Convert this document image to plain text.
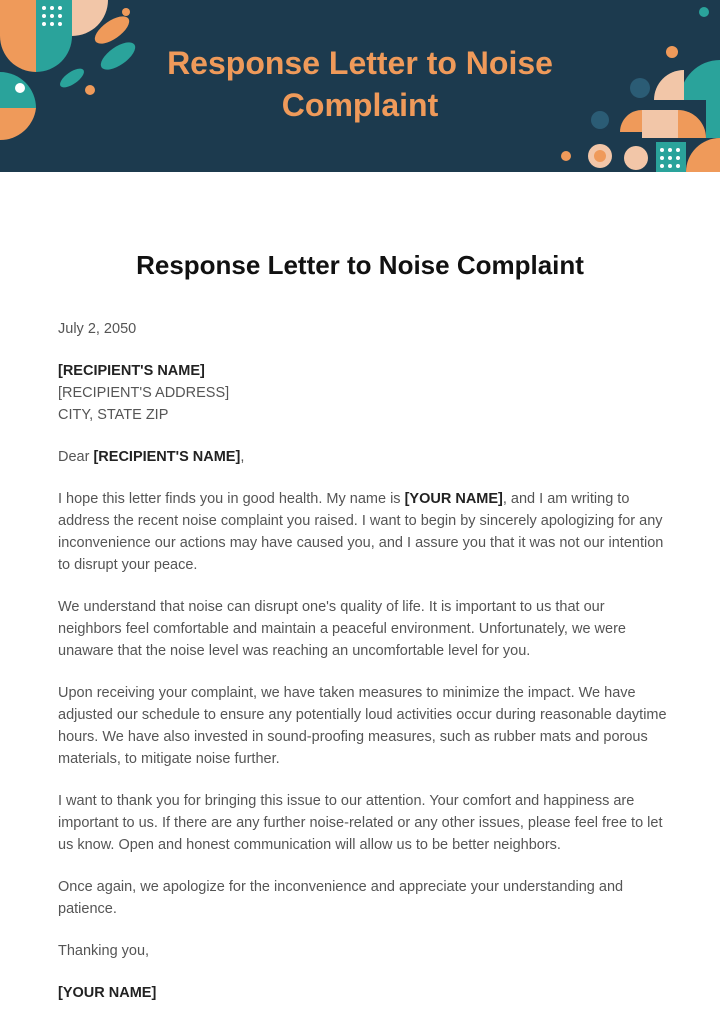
Response Letter to Noise
Complaint
Response Letter to Noise Complaint

July 2, 2050

[RECIPIENT'S NAME]

[RECIPIENT'S ADDRESS]

CITY, STATE ZIP

Dear [RECIPIENT'S NAME],

I hope this letter finds you in good health. My name is [YOUR NAME], and I am writing to address the recent noise complaint you raised. I want to begin by sincerely apologizing for any inconvenience our actions may have caused you, and I assure you that it was not our intention to disrupt your peace.

We understand that noise can disrupt one's quality of life. It is important to us that our neighbors feel comfortable and maintain a peaceful environment. Unfortunately, we were unaware that the noise level was reaching an uncomfortable level for you.

Upon receiving your complaint, we have taken measures to minimize the impact. We have adjusted our schedule to ensure any potentially loud activities occur during reasonable daytime hours. We have also invested in sound-proofing measures, such as rubber mats and porous materials, to mitigate noise further.

I want to thank you for bringing this issue to our attention. Your comfort and happiness are important to us. If there are any further noise-related or any other issues, please feel free to let us know. Open and honest communication will allow us to be better neighbors.

Once again, we apologize for the inconvenience and appreciate your understanding and patience.

Thanking you,

[YOUR NAME]
